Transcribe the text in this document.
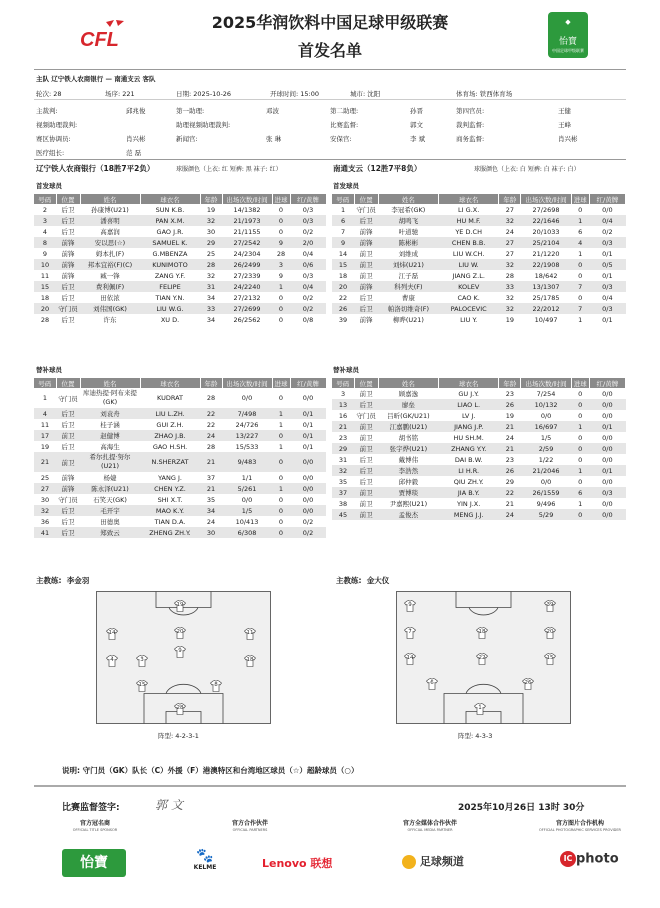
CFL
2025华润饮料中国足球甲级联赛
首发名单
◆
怡寶
中国足球甲级联赛
主队 辽宁铁人农商银行 — 南通支云 客队
轮次: 28	场序: 221	日期: 2025-10-26	开球时间: 15:00	城市: 沈阳	体育场: 铁西体育场
主裁判:	邱兆俊	第一助理:	邓波	第二助理:	孙晋	第四官员:	王健
视频助理裁判:	助理视频助理裁判:	比赛监督:	郭文	裁判监督:	王峰
赛区协调员:	肖兴彬	新闻官:	张 琳	安保官:	李 斌	商务监督:	肖兴彬
医疗组长:	范 磊
辽宁铁人农商银行（18胜7平2负）	球服颜色（上衣: 红 短裤: 黑 袜子: 红）
首发球员
南通支云（12胜7平8负）	球服颜色（上衣: 白 短裤: 白 袜子: 白）
首发球员
号码	位置	姓名	球衣名	年龄	出场次数/时间	进球	红/黄牌
2	后卫	孙康博(U21)	SUN K.B.	19	14/1382	0	0/3
3	后卫	潘喜明	PAN X.M.	32	21/1973	0	0/3
4	后卫	高嘉润	GAO J.R.	30	21/1155	0	0/2
8	前锋	安以思(☆)	SAMUEL K.	29	27/2542	9	2/0
9	前锋	姆本扎(F)	G.MBENZA	25	24/2304	28	0/4
10	前锋	邦本宜裕(F)(C)	KUNIMOTO	28	26/2499	3	0/6
11	前锋	臧一锋	ZANG Y.F.	32	27/2339	9	0/3
15	后卫	费利佩(F)	FELIPE	31	24/2240	1	0/4
18	后卫	田依浓	TIAN Y.N.	34	27/2132	0	0/2
20	守门员	刘伟国(GK)	LIU W.G.	33	27/2699	0	0/2
28	后卫	许东	XU D.	34	26/2562	0	0/8
号码	位置	姓名	球衣名	年龄	出场次数/时间	进球	红/黄牌
1	守门员	李冠希(GK)	LI G.X.	27	27/2698	0	0/0
6	后卫	胡鸣飞	HU M.F.	32	22/1646	1	0/4
7	前锋	叶道驰	YE D.CH	24	20/1033	6	0/2
9	前锋	陈彬彬	CHEN B.B.	27	25/2104	4	0/3
14	前卫	刘维成	LIU W.CH.	27	21/1220	1	0/1
15	前卫	刘炜(U21)	LIU W.	32	22/1908	0	0/5
18	前卫	江子磊	JIANG Z.L.	28	18/642	0	0/1
20	前锋	科列夫(F)	KOLEV	33	13/1307	7	0/3
22	后卫	曹康	CAO K.	32	25/1785	0	0/4
26	后卫	帕洛切维奇(F)	PALOCEVIC	32	22/2012	7	0/3
39	前锋	柳晔(U21)	LIU Y.	19	10/497	1	0/1
替补球员	替补球员
号码	位置	姓名	球衣名	年龄	出场次数/时间	进球	红/黄牌
1	守门员	库迪热提·阿布来提(GK)	KUDRAT	28	0/0	0	0/0
4	后卫	刘袁舟	LIU L.ZH.	22	7/498	1	0/1
11	后卫	桂子涵	GUI Z.H.	22	24/726	1	0/1
17	前卫	赵健博	ZHAO J.B.	24	13/227	0	0/1
19	后卫	高海生	GAO H.SH.	28	15/533	1	0/1
21	前卫	希尔扎提·努尔(U21)	N.SHERZAT	21	9/483	0	0/0
25	前锋	杨婕	YANG J.	37	1/1	0	0/0
27	前锋	陈永泽(U21)	CHEN Y.Z.	21	5/261	1	0/0
30	守门员	石笑天(GK)	SHI X.T.	35	0/0	0	0/0
32	后卫	毛开宇	MAO K.Y.	34	1/5	0	0/0
36	后卫	田德奥	TIAN D.A.	24	10/413	0	0/2
41	后卫	郑致云	ZHENG ZH.Y.	30	6/308	0	0/2
号码	位置	姓名	球衣名	年龄	出场次数/时间	进球	红/黄牌
3	前卫	顾嘉逸	GU J.Y.	23	7/254	0	0/0
13	后卫	廖垒	LIAO L.	26	10/132	0	0/0
16	守门员	吕昕(GK/U21)	LV J.	19	0/0	0	0/0
21	前卫	江嘉鹏(U21)	JIANG J.P.	21	16/697	1	0/1
23	前卫	胡书铭	HU SH.M.	24	1/5	0	0/0
29	前卫	张宇烨(U21)	ZHANG Y.Y.	21	2/59	0	0/0
31	后卫	戴博伟	DAI B.W.	23	1/22	0	0/0
32	后卫	李浩然	LI H.R.	26	21/2046	1	0/1
35	后卫	邱仲毅	QIU ZH.Y.	29	0/0	0	0/0
37	前卫	贾博琰	JIA B.Y.	22	26/1559	6	0/3
38	前卫	尹嘉熙(U21)	YIN J.X.	21	9/496	1	0/0
45	前卫	孟俊杰	MENG J.J.	24	5/29	0	0/0
主教练: 李金羽	主教练: 金大仪
19
14	20	11
9
4	18
3
15	8
28
9
7
39
18	20
14	22	15
6	26
1
阵型: 4-2-3-1	阵型: 4-3-3
说明: 守门员（GK）队长（C）外援（F）港澳特区和台湾地区球员（☆）超龄球员（○）
比赛监督签字:	郭文	2025年10月26日 13时 30分
官方冠名商
OFFICIAL TITLE SPONSOR
官方合作伙伴
OFFICIAL PARTNERS
官方全媒体合作伙伴
OFFICIAL MEDIA PARTNER
官方图片合作机构
OFFICIAL PHOTOGRAPHIC SERVICES PROVIDER
怡寶	🐾
KELME	Lenovo 联想	足球频道	IC photo
